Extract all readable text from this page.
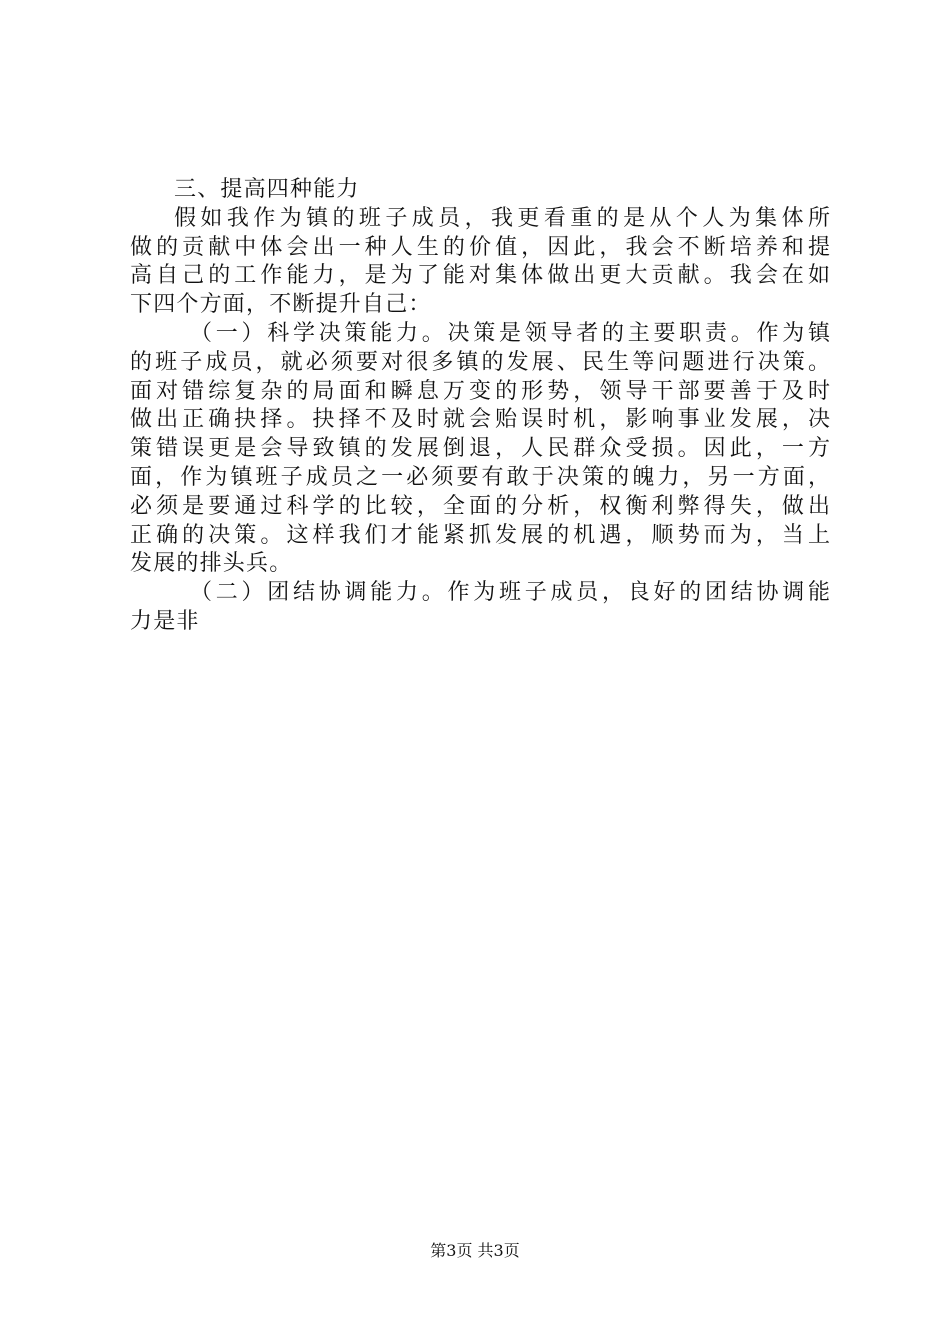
三、提高四种能力
假如我作为镇的班子成员，我更看重的是从个人为集体所
做的贡献中体会出一种人生的价值，因此，我会不断培养和提
高自己的工作能力，是为了能对集体做出更大贡献。我会在如
下四个方面，不断提升自己：
（一）科学决策能力。决策是领导者的主要职责。作为镇
的班子成员，就必须要对很多镇的发展、民生等问题进行决策。
面对错综复杂的局面和瞬息万变的形势，领导干部要善于及时
做出正确抉择。抉择不及时就会贻误时机，影响事业发展，决
策错误更是会导致镇的发展倒退，人民群众受损。因此，一方
面，作为镇班子成员之一必须要有敢于决策的魄力，另一方面，
必须是要通过科学的比较，全面的分析，权衡利弊得失，做出
正确的决策。这样我们才能紧抓发展的机遇，顺势而为，当上
发展的排头兵。
（二）团结协调能力。作为班子成员，良好的团结协调能
力是非
第3页 共3页
